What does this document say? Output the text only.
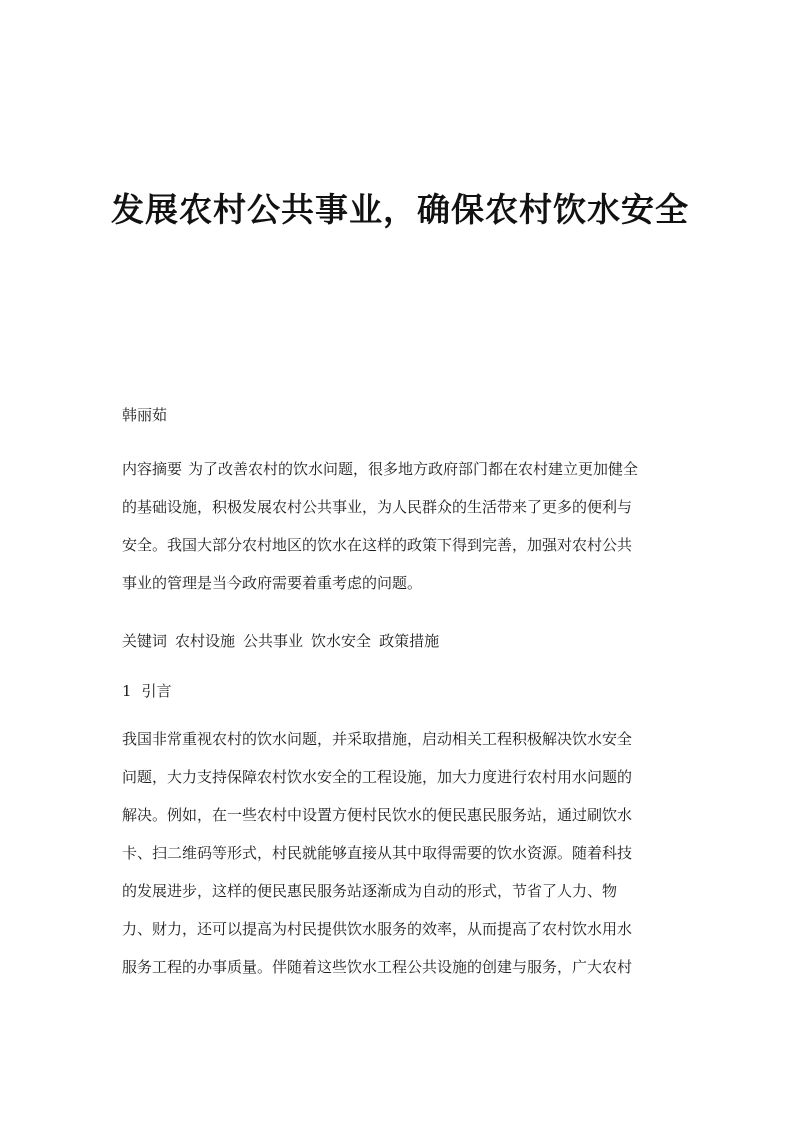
发展农村公共事业，确保农村饮水安全
韩丽茹
内容摘要 为了改善农村的饮水问题，很多地方政府部门都在农村建立更加健全
的基础设施，积极发展农村公共事业，为人民群众的生活带来了更多的便利与
安全。我国大部分农村地区的饮水在这样的政策下得到完善，加强对农村公共
事业的管理是当今政府需要着重考虑的问题。
关键词 农村设施 公共事业 饮水安全 政策措施
1 引言
我国非常重视农村的饮水问题，并采取措施，启动相关工程积极解决饮水安全
问题，大力支持保障农村饮水安全的工程设施，加大力度进行农村用水问题的
解决。例如，在一些农村中设置方便村民饮水的便民惠民服务站，通过刷饮水
卡、扫二维码等形式，村民就能够直接从其中取得需要的饮水资源。随着科技
的发展进步，这样的便民惠民服务站逐渐成为自动的形式，节省了人力、物
力、财力，还可以提高为村民提供饮水服务的效率，从而提高了农村饮水用水
服务工程的办事质量。伴随着这些饮水工程公共设施的创建与服务，广大农村
